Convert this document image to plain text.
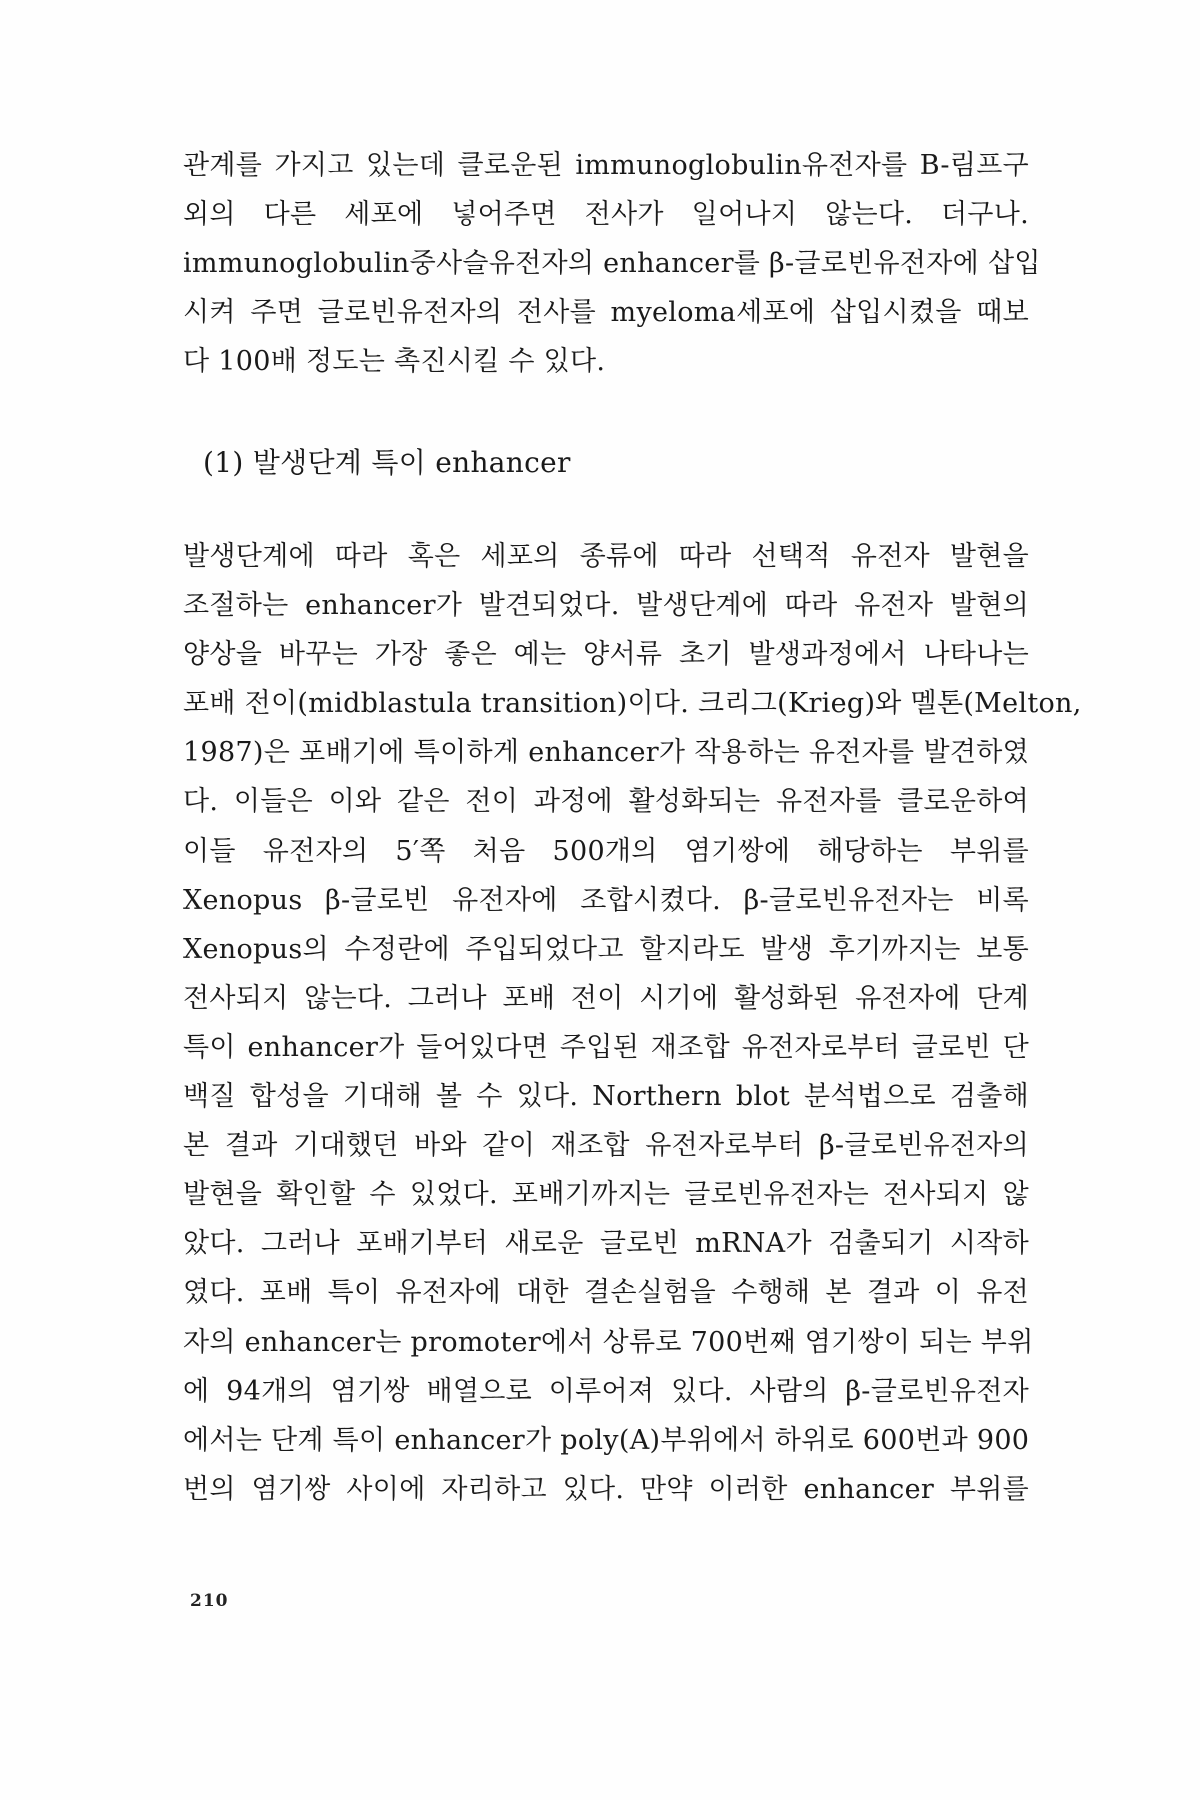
관계를 가지고 있는데 클로운된 immunoglobulin유전자를 B-림프구
외의 다른 세포에 넣어주면 전사가 일어나지 않는다. 더구나.
immunoglobulin중사슬유전자의 enhancer를 β-글로빈유전자에 삽입
시켜 주면 글로빈유전자의 전사를 myeloma세포에 삽입시켰을 때보
다 100배 정도는 촉진시킬 수 있다.
(1) 발생단계 특이 enhancer
발생단계에 따라 혹은 세포의 종류에 따라 선택적 유전자 발현을
조절하는 enhancer가 발견되었다. 발생단계에 따라 유전자 발현의
양상을 바꾸는 가장 좋은 예는 양서류 초기 발생과정에서 나타나는
포배 전이(midblastula transition)이다. 크리그(Krieg)와 멜톤(Melton,
1987)은 포배기에 특이하게 enhancer가 작용하는 유전자를 발견하였
다. 이들은 이와 같은 전이 과정에 활성화되는 유전자를 클로운하여
이들 유전자의 5′쪽 처음 500개의 염기쌍에 해당하는 부위를
Xenopus β-글로빈 유전자에 조합시켰다. β-글로빈유전자는 비록
Xenopus의 수정란에 주입되었다고 할지라도 발생 후기까지는 보통
전사되지 않는다. 그러나 포배 전이 시기에 활성화된 유전자에 단계
특이 enhancer가 들어있다면 주입된 재조합 유전자로부터 글로빈 단
백질 합성을 기대해 볼 수 있다. Northern blot 분석법으로 검출해
본 결과 기대했던 바와 같이 재조합 유전자로부터 β-글로빈유전자의
발현을 확인할 수 있었다. 포배기까지는 글로빈유전자는 전사되지 않
았다. 그러나 포배기부터 새로운 글로빈 mRNA가 검출되기 시작하
였다. 포배 특이 유전자에 대한 결손실험을 수행해 본 결과 이 유전
자의 enhancer는 promoter에서 상류로 700번째 염기쌍이 되는 부위
에 94개의 염기쌍 배열으로 이루어져 있다. 사람의 β-글로빈유전자
에서는 단계 특이 enhancer가 poly(A)부위에서 하위로 600번과 900
번의 염기쌍 사이에 자리하고 있다. 만약 이러한 enhancer 부위를
210
